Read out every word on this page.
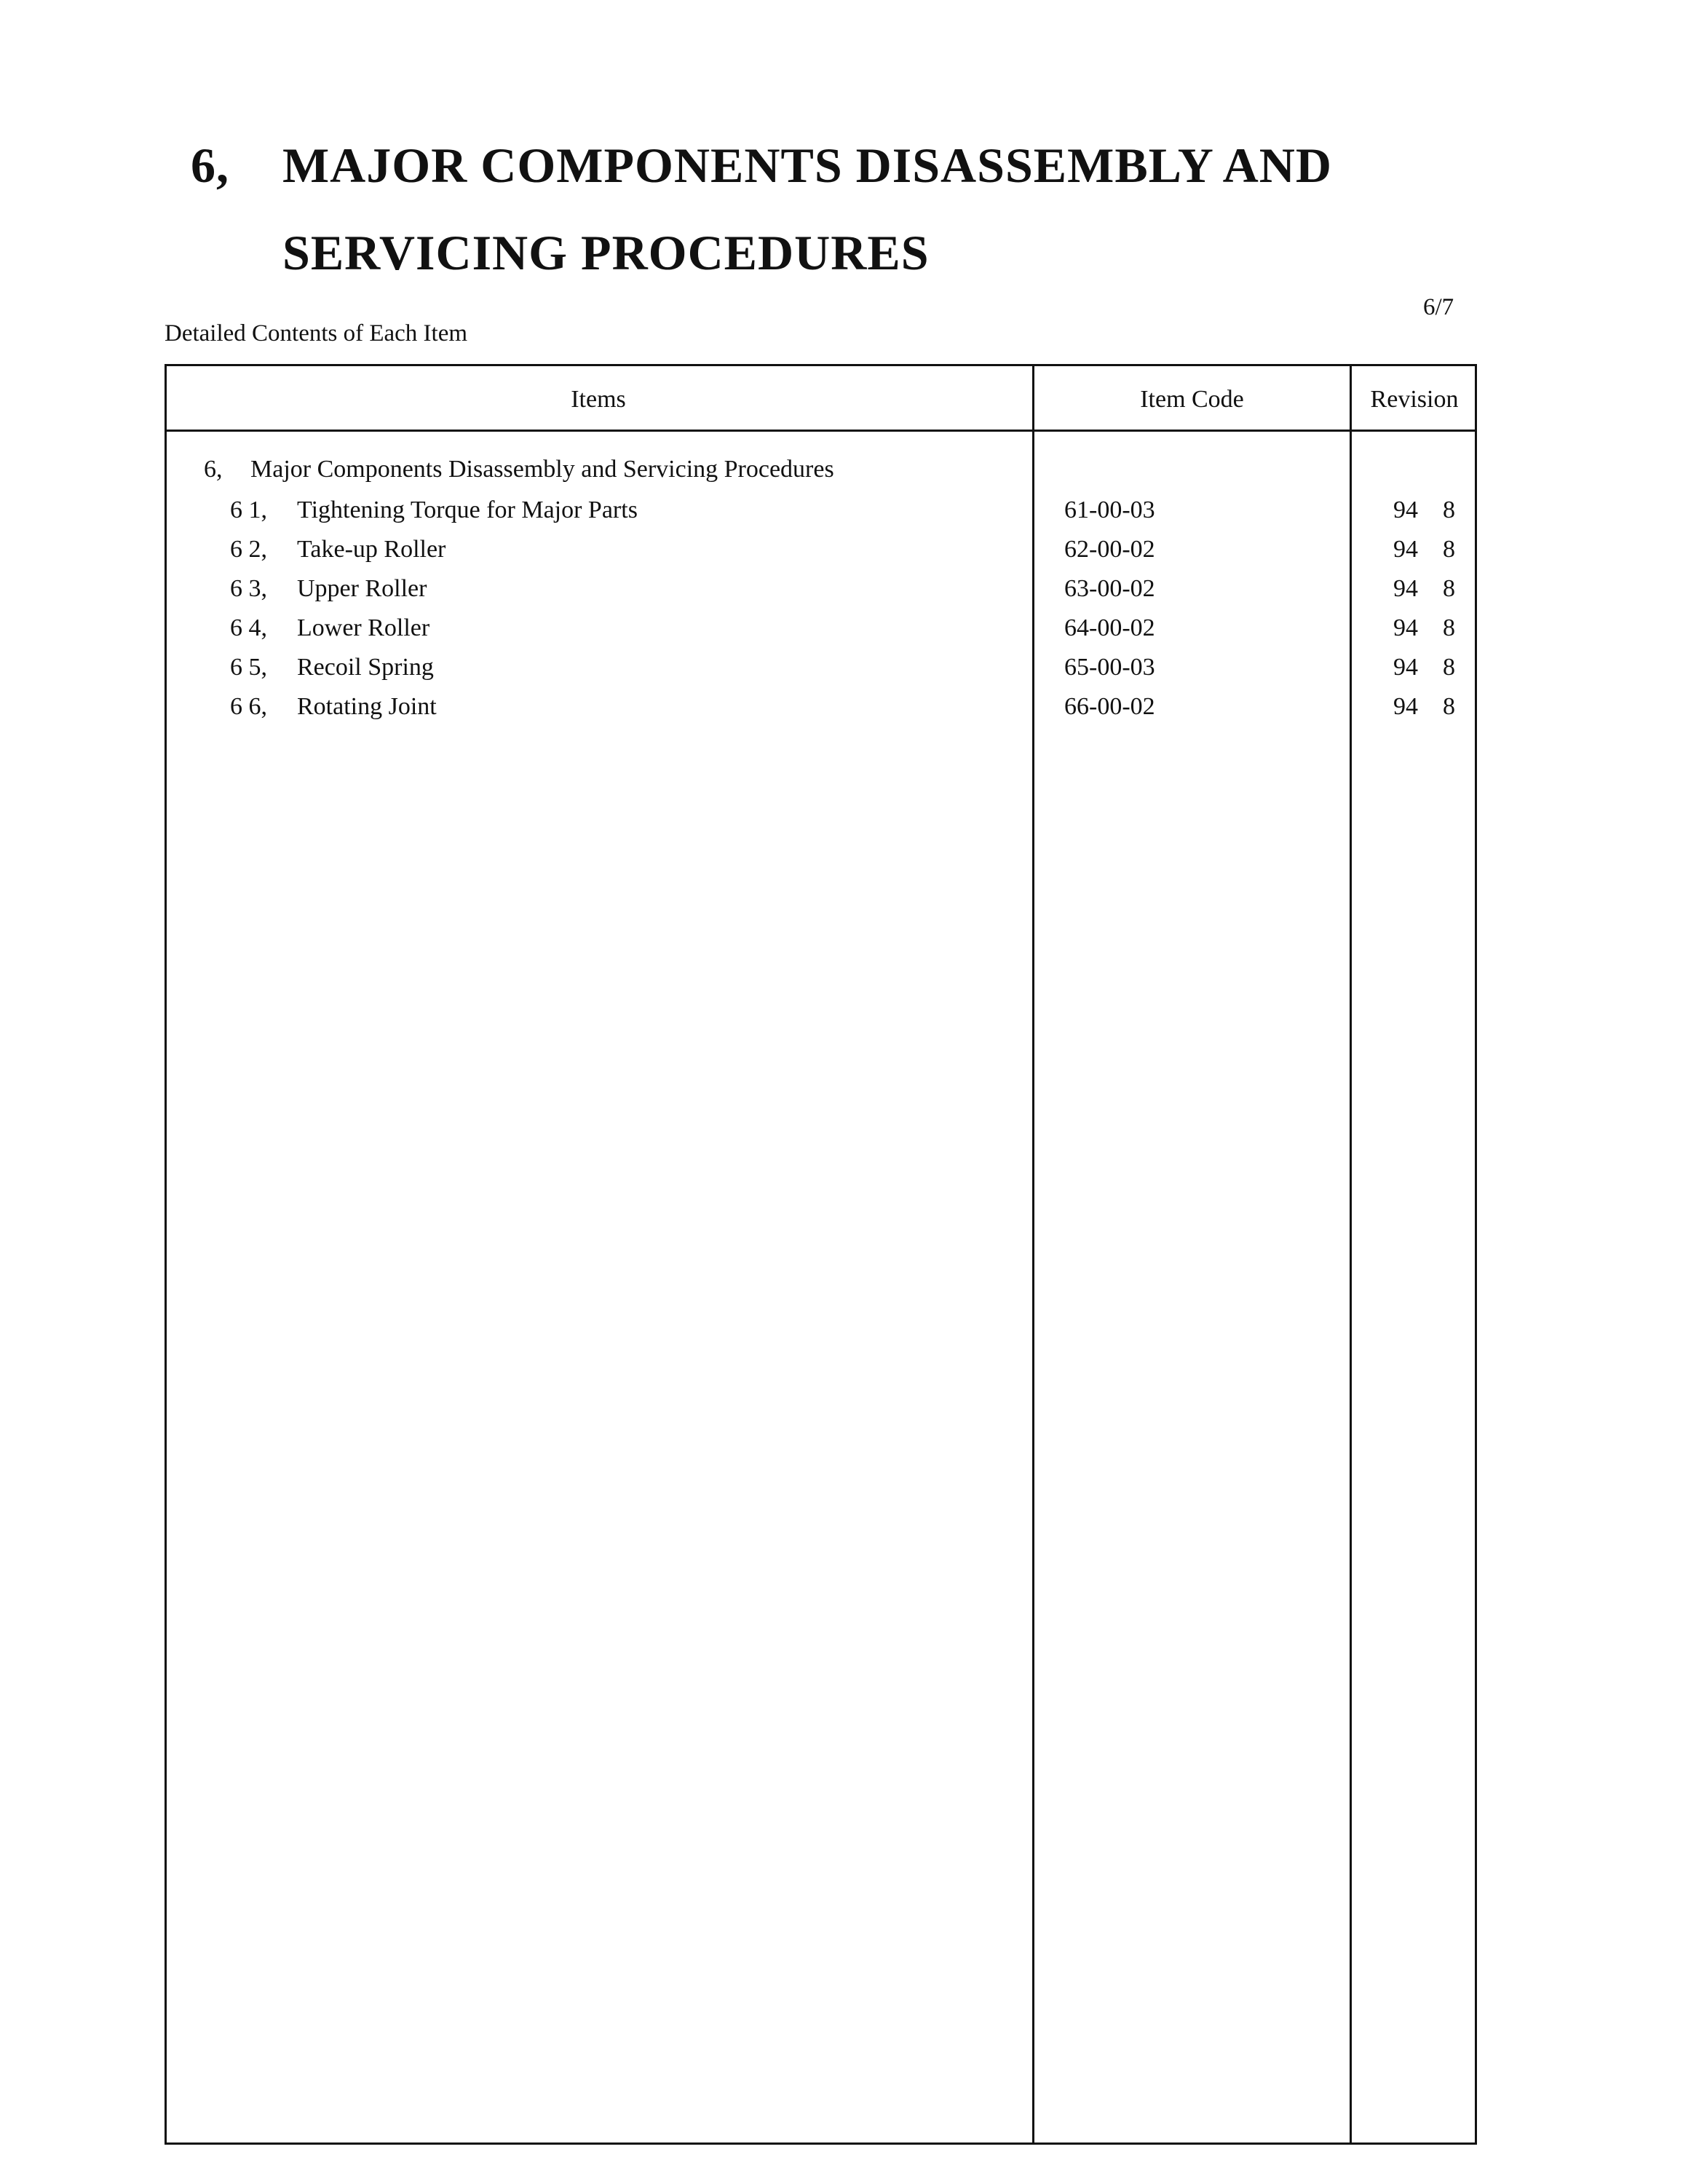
6, MAJOR COMPONENTS DISASSEMBLY AND
SERVICING PROCEDURES
6/7
Detailed Contents of Each Item
Items	Item Code	Revision
6, Major Components Disassembly and Servicing Procedures
6 1, Tightening Torque for Major Parts	61-00-03	94 8
6 2, Take-up Roller	62-00-02	94 8
6 3, Upper Roller	63-00-02	94 8
6 4, Lower Roller	64-00-02	94 8
6 5, Recoil Spring	65-00-03	94 8
6 6, Rotating Joint	66-00-02	94 8
